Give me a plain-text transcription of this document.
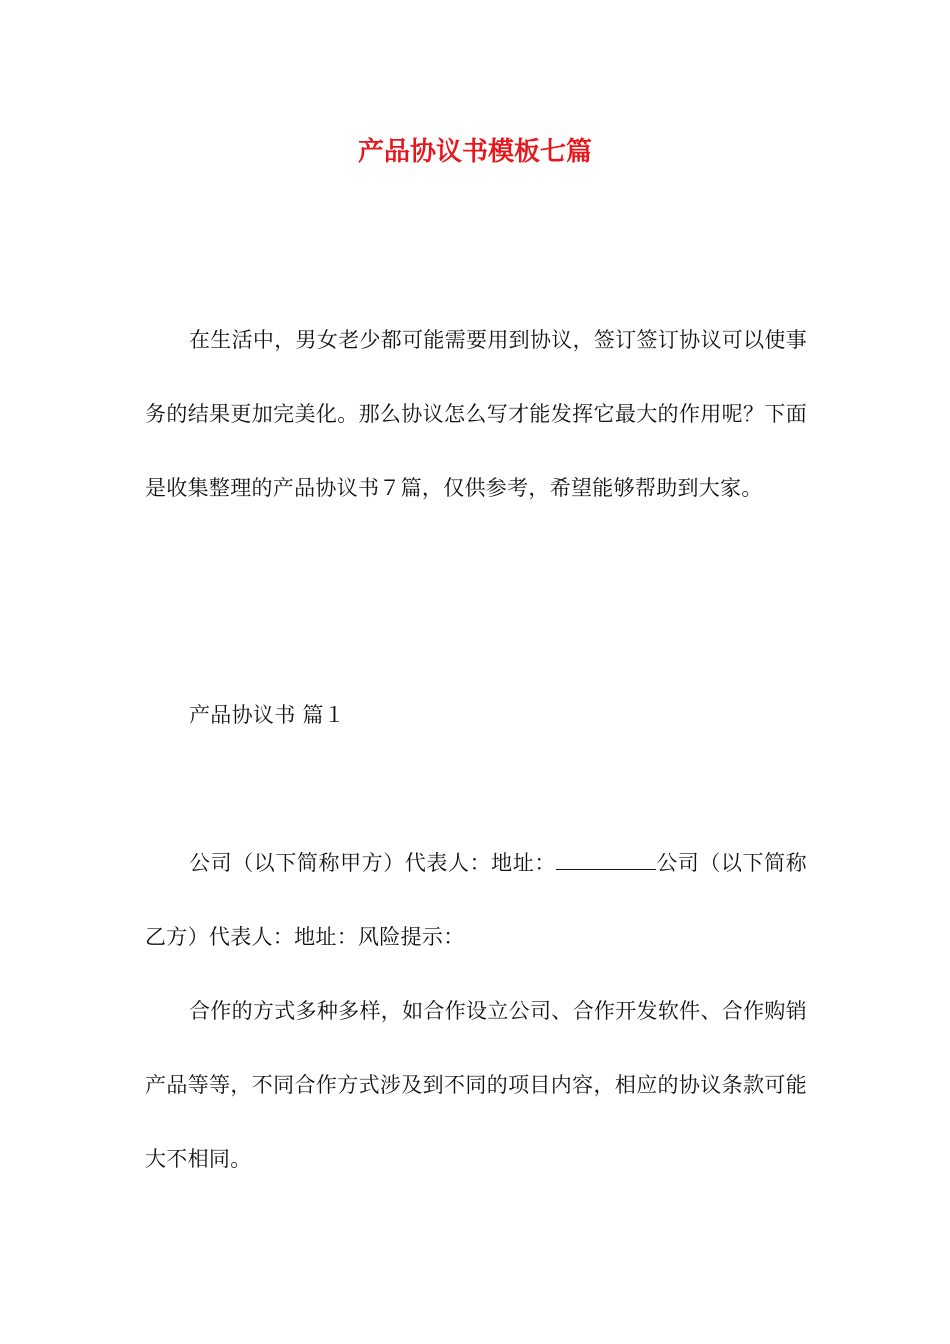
产品协议书模板七篇

在生活中，男女老少都可能需要用到协议，签订签订协议可以使事务的结果更加完美化。那么协议怎么写才能发挥它最大的作用呢？下面是收集整理的产品协议书７篇，仅供参考，希望能够帮助到大家。

产品协议书 篇１

公司（以下简称甲方）代表人：地址：	公司（以下简称乙方）代表人：地址：风险提示：

合作的方式多种多样，如合作设立公司、合作开发软件、合作购销产品等等，不同合作方式涉及到不同的项目内容，相应的协议条款可能大不相同。
